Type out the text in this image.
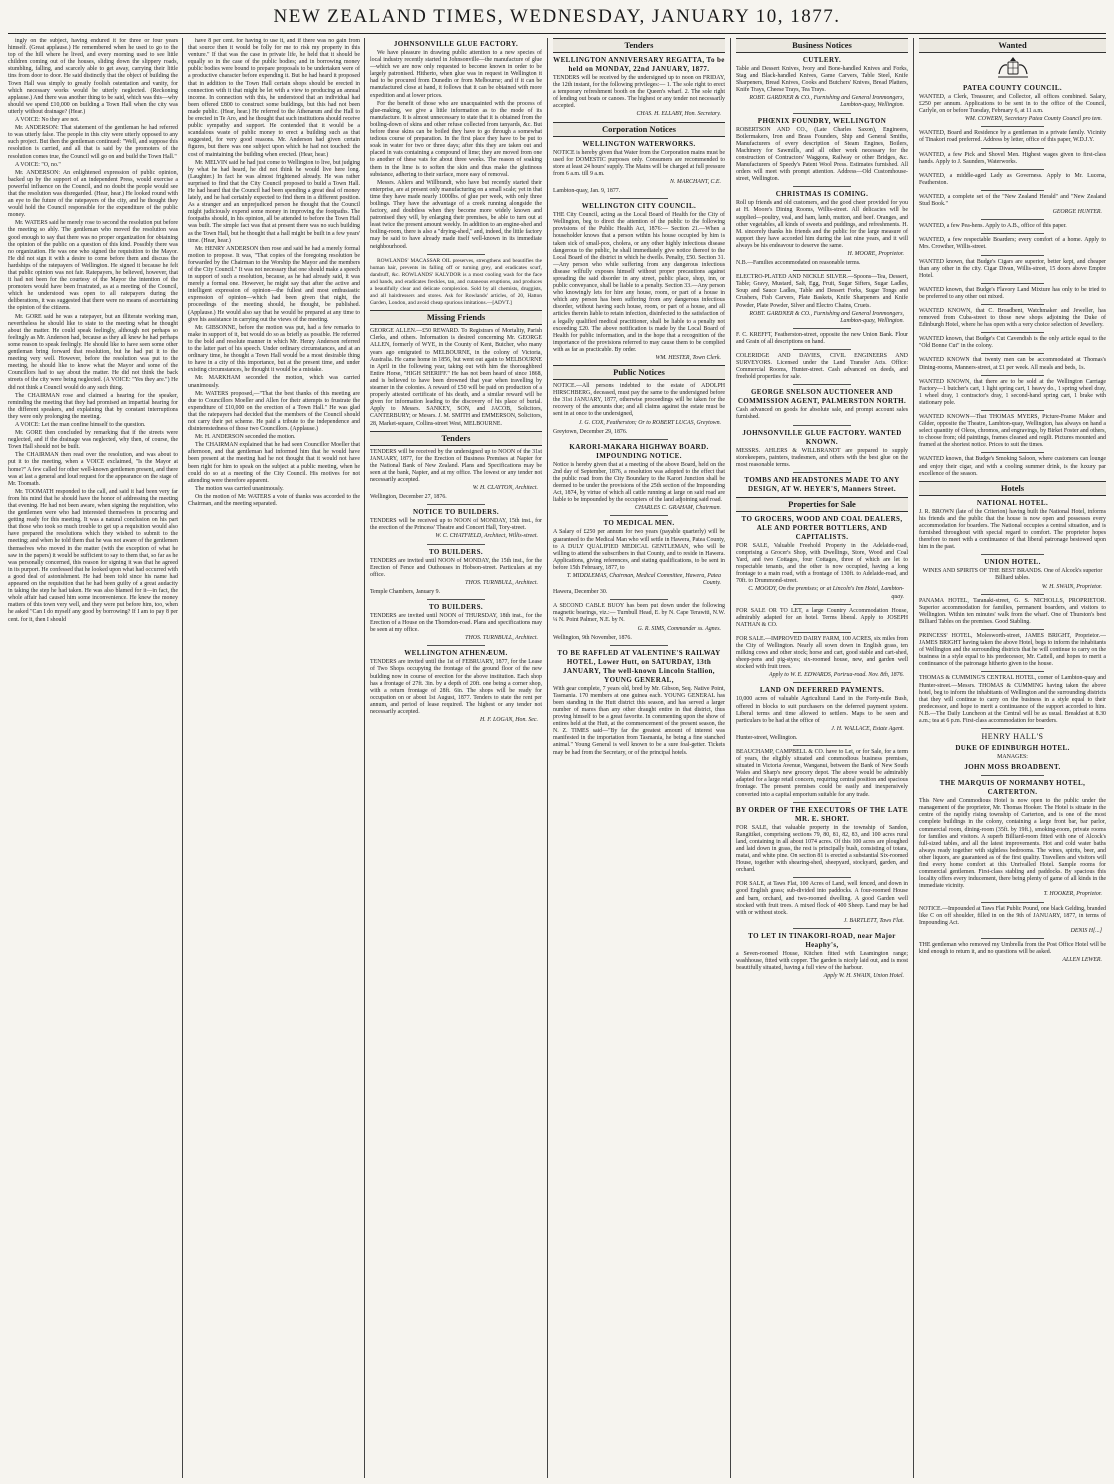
NEW ZEALAND TIMES, WEDNESDAY, JANUARY 10, 1877.

ingly on the subject, having endured it for three or four years himself. (Great applause.) He remembered when he used to go to the top of the hill where he lived, and every morning used to see little children coming out of the houses, sliding down the slippery roads, stumbling, falling, and scarcely able to get away, carrying their little tins from door to door. He said distinctly that the object of building the Town Hall was simply to greatly foolish ostentation and vanity, for which necessary works would be utterly neglected. (Reckoning applause.) And there was another thing to be said, which was this—why should we spend £10,000 on building a Town Hall when the city was utterly without drainage? (Hear.)

A VOICE: No they are not.

Mr. ANDERSON: That statement of the gentleman he had referred to was utterly false. The people in this city were utterly opposed to any such project. But then the gentleman continued: "Well, and suppose this resolution is carried, and all that is said by the promoters of the resolution comes true, the Council will go on and build the Town Hall."

A VOICE: "O, no."

Mr. ANDERSON: An enlightened expression of public opinion, backed up by the support of an independent Press, would exercise a powerful influence on the Council, and no doubt the people would see that the resolution was disregarded. (Hear, hear.) He looked round with an eye to the future of the ratepayers of the city, and he thought they would hold the Council responsible for the expenditure of the public money.

Mr. WATERS said he merely rose to second the resolution put before the meeting so ably. The gentleman who moved the resolution was good enough to say that there was no proper organization for obtaining the opinion of the public on a question of this kind. Possibly there was no organization. He was one who signed the requisition to the Mayor. He did not sign it with a desire to come before them and discuss the hardships of the ratepayers of Wellington. He signed it because he felt that public opinion was not fair. Ratepayers, he believed, however, that it had not been for the courtesy of the Mayor the intention of the promoters would have been frustrated, as at a meeting of the Council, which he understood was open to all ratepayers during the deliberations, it was suggested that there were no means of ascertaining the opinion of the citizens.

Mr. GORE said he was a ratepayer, but an illiterate working man, nevertheless he should like to state to the meeting what he thought about the matter. He could speak feelingly, although not perhaps so feelingly as Mr. Anderson had, because as they all knew he had perhaps some reason to speak feelingly. He should like to have seen some other gentleman bring forward that resolution, but he had put it to the meeting very well. However, before the resolution was put to the meeting, he should like to know what the Mayor and some of the Councillors had to say about the matter. He did not think the back streets of the city were being neglected. (A VOICE: "Yes they are.") He did not think a Council would do any such thing.

The CHAIRMAN rose and claimed a hearing for the speaker, reminding the meeting that they had promised an impartial hearing for the different speakers, and explaining that by constant interruptions they were only prolonging the meeting.

A VOICE: Let the man confine himself to the question.

Mr. GORE then concluded by remarking that if the streets were neglected, and if the drainage was neglected, why then, of course, the Town Hall should not be built.

The CHAIRMAN then read over the resolution, and was about to put it to the meeting, when a VOICE exclaimed, "Is the Mayor at home?" A few called for other well-known gentlemen present, and there was at last a general and loud request for the appearance on the stage of Mr. Toomath.

Mr. TOOMATH responded to the call, and said it had been very far from his mind that he should have the honor of addressing the meeting that evening. He had not been aware, when signing the requisition, who the gentlemen were who had interested themselves in procuring and getting ready for this meeting. It was a natural conclusion on his part that those who took so much trouble to get up a requisition would also have prepared the resolutions which they wished to submit to the meeting; and when he told them that he was not aware of the gentlemen themselves who moved in the matter (with the exception of what he saw in the papers) it would be sufficient to say to them that, so far as he was personally concerned, this reason for signing it was that he agreed in its purport. He confessed that he looked upon what had occurred with a good deal of astonishment. He had been told since his name had appeared on the requisition that he had been guilty of a great audacity in taking the step he had taken. He was also blamed for it—in fact, the whole affair had caused him some inconvenience. He knew the money matters of this town very well, and they were put before him, too, when he asked "Can I do myself any good by borrowing? If I am to pay 8 per cent. for it, then I should

have 8 per cent. for having to use it, and if there was no gain from that source then it would be folly for me to risk my property in this venture." If that was the case in private life, he held that it should be equally so in the case of the public bodies; and in borrowing money public bodies were bound to prepare proposals to be undertaken were of a productive character before expending it. But he had heard it proposed that in addition to the Town Hall certain shops should be erected in connection with it that might be let with a view to producing an annual income. In connection with this, he understood that an individual had been offered £800 to construct some buildings, but this had not been made public. (Hear, hear.) He referred to the Athenæum and the Hall to be erected in Te Aro, and he thought that such institutions should receive public sympathy and support. He contended that it would be a scandalous waste of public money to erect a building such as that suggested, for very good reasons. Mr. Anderson had given certain figures, but there was one subject upon which he had not touched: the cost of maintaining the building when erected. (Hear, hear.)

Mr. MELVIN said he had just come to Wellington to live, but judging by what he had heard, he did not think he would live here long. (Laughter.) In fact he was almost frightened already. He was rather surprised to find that the City Council proposed to build a Town Hall. He had heard that the Council had been spending a great deal of money lately, and he had certainly expected to find them in a different position. As a stranger and an unprejudiced person he thought that the Council might judiciously expend some money in improving the footpaths. The footpaths should, in his opinion, all be attended to before the Town Hall was built. The simple fact was that at present there was no such building as the Town Hall, but he thought that a hall might be built in a few years' time. (Hear, hear.)

Mr. HENRY ANDERSON then rose and said he had a merely formal motion to propose. It was, "That copies of the foregoing resolution be forwarded by the Chairman to the Worship the Mayor and the members of the City Council." It was not necessary that one should make a speech in support of such a resolution, because, as he had already said, it was merely a formal one. However, he might say that after the active and intelligent expression of opinion—the fullest and most enthusiastic expression of opinion—which had been given that night, the proceedings of the meeting should, he thought, be published. (Applause.) He would also say that he would be prepared at any time to give his assistance in carrying out the views of the meeting.

Mr. GIBSONNE, before the motion was put, had a few remarks to make in support of it, but would do so as briefly as possible. He referred to the bold and resolute manner in which Mr. Henry Anderson referred to the latter part of his speech. Under ordinary circumstances, and at an ordinary time, he thought a Town Hall would be a most desirable thing to have in a city of this importance, but at the present time, and under existing circumstances, he thought it would be a mistake.

Mr. MARKHAM seconded the motion, which was carried unanimously.

Mr. WATERS proposed,—"That the best thanks of this meeting are due to Councillors Moeller and Allen for their attempts to frustrate the expenditure of £10,000 on the erection of a Town Hall." He was glad that the ratepayers had decided that the members of the Council should not carry their pet scheme. He paid a tribute to the independence and disinterestedness of those two Councillors. (Applause.)

Mr. H. ANDERSON seconded the motion.

The CHAIRMAN explained that he had seen Councillor Moeller that afternoon, and that gentleman had informed him that he would have been present at the meeting had he not thought that it would not have been right for him to speak on the subject at a public meeting, when he could do so at a meeting of the City Council. His motives for not attending were therefore apparent.

The motion was carried unanimously.

On the motion of Mr. WATERS a vote of thanks was accorded to the Chairman, and the meeting separated.

JOHNSONVILLE GLUE FACTORY.

We have pleasure in drawing public attention to a new species of local industry recently started in Johnsonville—the manufacture of glue—which we are now only requested to become known in order to be largely patronised. Hitherto, when glue was in request in Wellington it had to be procured from Dunedin or from Melbourne; and if it can be manufactured close at hand, it follows that it can be obtained with more expedition and at lower prices.

For the benefit of those who are unacquainted with the process of glue-making, we give a little information as to the mode of its manufacture. It is almost unnecessary to state that it is obtained from the boiling-down of skins and other refuse collected from tanyards, &c. But before these skins can be boiled they have to go through a somewhat tedious course of preparation. In the first place they have to be put to soak in water for two or three days; after this they are taken out and placed in vats containing a compound of lime; they are moved from one to another of these vats for about three weeks. The reason of soaking them in the lime is to soften the skin and thus make the glutinous substance, adhering to their surface, more easy of removal.

Messrs. Ahlers and Willbrandt, who have but recently started their enterprise, are at present only manufacturing on a small scale; yet in that time they have made nearly 1000lbs. of glue per week, with only three boilings. They have the advantage of a creek running alongside the factory, and doubtless when they become more widely known and patronised they will, by enlarging their premises, be able to turn out at least twice the present amount weekly. In addition to an engine-shed and boiling-room, there is also a "drying-shed," and, indeed, the little factory may be said to have already made itself well-known in its immediate neighbourhood.

ROWLANDS' MACASSAR OIL preserves, strengthens and beautifies the human hair, prevents its falling off or turning grey, and eradicates scurf, dandruff, &c. ROWLANDS' KALYDOR is a most cooling wash for the face and hands, and eradicates freckles, tan, and cutaneous eruptions, and produces a beautifully clear and delicate complexion. Sold by all chemists, druggists, and all hairdressers and stores. Ask for Rowlands' articles, of 20, Hatton Garden, London, and avoid cheap spurious imitations.—[ADVT.]

Missing Friends

GEORGE ALLEN.—£50 REWARD. To Registrars of Mortality, Parish Clerks, and others. Information is desired concerning Mr. GEORGE ALLEN, formerly of WYE, in the County of Kent, Butcher, who many years ago emigrated to MELBOURNE, in the colony of Victoria, Australia. He came home in 1856, but went out again to MELBOURNE in April in the following year, taking out with him the thoroughbred Entire Horse, "HIGH SHERIFF." He has not been heard of since 1868, and is believed to have been drowned that year when travelling by steamer in the colonies. A reward of £50 will be paid on production of a properly attested certificate of his death, and a similar reward will be given for information leading to the discovery of his place of burial. Apply to Messrs. SANKEY, SON, and JACOB, Solicitors, CANTERBURY; or Messrs. J. M. SMITH and EMMERSON, Solicitors, 28, Market-square, Collins-street West, MELBOURNE.

Tenders

TENDERS will be received by the undersigned up to NOON of the 31st JANUARY, 1877, for the Erection of Business Premises at Napier for the National Bank of New Zealand. Plans and Specifications may be seen at the bank, Napier, and at my office. The lowest or any tender not necessarily accepted.

W. H. CLAYTON, Architect.
Wellington, December 27, 1876.
NOTICE TO BUILDERS.

TENDERS will be received up to NOON of MONDAY, 15th inst., for the erection of the Princess' Theatre and Concert Hall, Tory-street.

W. C. CHATFIELD, Architect, Willis-street.
TO BUILDERS.

TENDERS are invited until NOON of MONDAY, the 15th inst., for the Erection of Fence and Outhouses in Hobson-street. Particulars at my office.

THOS. TURNBULL, Architect.
Temple Chambers, January 9.
TO BUILDERS.

TENDERS are invited until NOON of THURSDAY, 18th inst., for the Erection of a House on the Thorndon-road. Plans and specifications may be seen at my office.

THOS. TURNBULL, Architect.
WELLINGTON ATHENÆUM.

TENDERS are invited until the 1st of FEBRUARY, 1877, for the Lease of Two Shops occupying the frontage of the ground floor of the new building now in course of erection for the above institution. Each shop has a frontage of 27ft. 3in. by a depth of 20ft. one being a corner shop, with a return frontage of 28ft. 6in. The shops will be ready for occupation on or about 1st August, 1877. Tenders to state the rent per annum, and period of lease required. The highest or any tender not necessarily accepted.

H. F. LOGAN, Hon. Sec.
Tenders
WELLINGTON ANNIVERSARY REGATTA, To be held on MONDAY, 22nd JANUARY, 1877.

TENDERS will be received by the undersigned up to noon on FRIDAY, the 12th instant, for the following privileges:— 1. The sole right to erect a temporary refreshment booth on the Queen's wharf. 2. The sole right of lending out boats or canoes. The highest or any tender not necessarily accepted.

CHAS. H. ELLABY, Hon. Secretary.
Corporation Notices
WELLINGTON WATERWORKS.

NOTICE is hereby given that Water from the Corporation mains must be used for DOMESTIC purposes only. Consumers are recommended to store at least 24 hours' supply. The Mains will be charged at full pressure from 6 a.m. till 9 a.m.

N. MARCHANT, C.E.
Lambton-quay, Jan. 9, 1877.
WELLINGTON CITY COUNCIL.

THE City Council, acting as the Local Board of Health for the City of Wellington, beg to direct the attention of the public to the following provisions of the Public Health Act, 1876:— Section 21.—When a householder knows that a person within his house occupied by him is taken sick of small-pox, cholera, or any other highly infectious disease dangerous to the public, he shall immediately give notice thereof to the Local Board of the district in which he dwells. Penalty, £50. Section 31.—Any person who while suffering from any dangerous infectious disease wilfully exposes himself without proper precautions against spreading the said disorder in any street, public place, shop, inn, or public conveyance, shall be liable to a penalty. Section 33.—Any person who knowingly lets for hire any house, room, or part of a house in which any person has been suffering from any dangerous infectious disorder, without having such house, room, or part of a house, and all articles therein liable to retain infection, disinfected to the satisfaction of a legally qualified medical practitioner, shall be liable to a penalty not exceeding £20. The above notification is made by the Local Board of Health for public information, and in the hope that a recognition of the importance of the provisions referred to may cause them to be complied with as far as practicable. By order.

WM. HESTER, Town Clerk.
Public Notices

NOTICE.—All persons indebted to the estate of ADOLPH HIRSCHBERG, deceased, must pay the same to the undersigned before the 31st JANUARY, 1877, otherwise proceedings will be taken for the recovery of the amounts due; and all claims against the estate must be sent in at once to the undersigned,

J. G. COX, Featherston; Or to ROBERT LUCAS, Greytown.
Greytown, December 29, 1876.
KARORI-MAKARA HIGHWAY BOARD. IMPOUNDING NOTICE.

Notice is hereby given that at a meeting of the above Board, held on the 2nd day of September, 1876, a resolution was adopted to the effect that the public road from the City Boundary to the Karori Junction shall be deemed to be under the provisions of the 25th section of the Impounding Act, 1874, by virtue of which all cattle running at large on said road are liable to be impounded by the occupiers of the land adjoining said road.

CHARLES C. GRAHAM, Chairman.
TO MEDICAL MEN.

A Salary of £250 per annum for two years (payable quarterly) will be guaranteed to the Medical Man who will settle in Hawera, Patea County, to A DULY QUALIFIED MEDICAL GENTLEMAN, who will be willing to attend the subscribers in that County, and to reside in Hawera. Applications, giving references, and stating qualifications, to be sent in before 15th February, 1877, to

T. MIDDLEMAS, Chairman, Medical Committee, Hawera, Patea County.
Hawera, December 30.

A SECOND CABLE BUOY has been put down under the following magnetic bearings, viz.:— Turnbull Head, E. by N. Cape Terawiti, N.W. ¼ N. Point Palmer, N.E. by N.

G. R. SIMS, Commander ss. Agnes.
Wellington, 9th November, 1876.
TO BE RAFFLED AT VALENTINE'S RAILWAY HOTEL, Lower Hutt, on SATURDAY, 13th JANUARY, The well-known Lincoln Stallion, YOUNG GENERAL,

With gear complete, 7 years old, bred by Mr. Gibson, Seq. Native Point, Tasmania. 170 members at one guinea each. YOUNG GENERAL has been standing in the Hutt district this season, and has served a larger number of mares than any other draught entire in that district, thus proving himself to be a great favorite. In commenting upon the show of entires held at the Hutt, at the commencement of the present season, the N. Z. TIMES said—"By far the greatest amount of interest was manifested in the importation from Tasmania, he being a fine stanched animal." Young General is well known to be a sure foal-getter. Tickets may be had from the Secretary, or of the principal hotels.

Business Notices
CUTLERY.

Table and Dessert Knives, Ivory and Bone-handled Knives and Forks, Stag and Black-handled Knives, Game Carvers, Table Steel, Knife Sharpeners, Bread Knives, Cooks and Butchers' Knives, Bread Platters, Knife Trays, Cheese Trays, Tea Trays.

ROBT. GARDNER & CO., Furnishing and General Ironmongers, Lambton-quay, Wellington.
PHŒNIX FOUNDRY, WELLINGTON

ROBERTSON AND CO., (Late Charles Saxon), Engineers, Boilermakers, Iron and Brass Founders, Ship and General Smiths, Manufacturers of every description of Steam Engines, Boilers, Machinery for Sawmills, and all other work necessary for the construction of Contractors' Waggons, Railway or other Bridges, &c. Manufacturers of Speedy's Patent Wool Press. Estimates furnished. All orders will meet with prompt attention. Address—Old Customhouse-street, Wellington.

CHRISTMAS IS COMING.

Roll up friends and old customers, and the good cheer provided for you at H. Moore's Dining Rooms, Willis-street. All delicacies will be supplied—poultry, veal, and ham, lamb, mutton, and beef. Oranges, and other vegetables, all kinds of sweets and puddings, and refreshments. H. M. sincerely thanks his friends and the public for the large measure of support they have accorded him during the last nine years, and it will always be his endeavour to deserve the same.

H. MOORE, Proprietor.
N.B.—Families accommodated on reasonable terms.

ELECTRO-PLATED AND NICKLE SILVER.—Spoons—Tea, Dessert, Table; Gravy, Mustard, Salt, Egg, Fruit, Sugar Sifters, Sugar Ladles, Soup and Sauce Ladles, Table and Dessert Forks, Sugar Tongs and Crushers, Fish Carvers, Plate Baskets, Knife Sharpeners and Knife Powder, Plate Powder, Silver and Electro Chains, Cruets.

ROBT. GARDNER & CO., Furnishing and General Ironmongers, Lambton-quay, Wellington.

F. C. KREFFT, Featherston-street, opposite the new Union Bank. Flour and Grain of all descriptions on hand.

COLERIDGE AND DAVIES, CIVIL ENGINEERS AND SURVEYORS. Licensed under the Land Transfer Acts. Office: Commercial Rooms, Hunter-street. Cash advanced on deeds, and freehold properties for sale.

GEORGE SNELSON AUCTIONEER AND COMMISSION AGENT, PALMERSTON NORTH.

Cash advanced on goods for absolute sale, and prompt account sales furnished.

JOHNSONVILLE GLUE FACTORY. WANTED KNOWN.

MESSRS. AHLERS & WILLBRANDT are prepared to supply storekeepers, painters, tradesmen, and others with the best glue on the most reasonable terms.

TOMBS AND HEADSTONES MADE TO ANY DESIGN, AT W. HEYER'S, Manners Street.
Properties for Sale
TO GROCERS, WOOD AND COAL DEALERS, ALE AND PORTER BOTTLERS, AND CAPITALISTS.

FOR SALE, Valuable Freehold Property in the Adelaide-road, comprising a Grocer's Shop, with Dwellings, Store, Wood and Coal Yard, and two Cottages, four Cottages, three of which are let to respectable tenants, and the other is now occupied, having a long frontage to a main road, with a frontage of 130ft. to Adelaide-road, and 70ft. to Drummond-street.

C. MOODY, On the premises; or at Lincoln's Inn Hotel, Lambton-quay.

FOR SALE OR TO LET, a large Country Accommodation House, admirably adapted for an hotel. Terms liberal. Apply to JOSEPH NATHAN & CO.

FOR SALE.—IMPROVED DAIRY FARM, 100 ACRES, six miles from the City of Wellington. Nearly all sown down in English grass, ten milking cows and other stock; horse and cart, good stable and cart-shed, sheep-pens and pig-styes; six-roomed house, new, and garden well stocked with fruit trees.

Apply to W. E. EDWARDS, Porirua-road. Nov. 8th, 1876.
LAND ON DEFERRED PAYMENTS.

10,000 acres of valuable Agricultural Land in the Forty-mile Bush, offered in blocks to suit purchasers on the deferred payment system. Liberal terms and time allowed to settlers. Maps to be seen and particulars to be had at the office of

J. H. WALLACE, Estate Agent.
Hunter-street, Wellington.

BEAUCHAMP, CAMPBELL & CO. have to Let, or for Sale, for a term of years, the eligibly situated and commodious business premises, situated in Victoria Avenue, Wanganui, between the Bank of New South Wales and Sharp's new grocery depot. The above would be admirably adapted for a large retail concern, requiring central position and spacious frontage. The present premises could be easily and inexpensively converted into a capital emporium suitable for any trade.

BY ORDER OF THE EXECUTORS OF THE LATE MR. E. SHORT.

FOR SALE, that valuable property in the township of Sandon, Rangitikei, comprising sections 79, 80, 81, 82, 83, and 100 acres rural land, containing in all about 1074 acres. Of this 100 acres are ploughed and laid down in grass, the rest is principally bush, consisting of totara, matai, and white pine. On section 81 is erected a substantial Six-roomed House, together with shearing-shed, sheepyard, stockyard, garden, and orchard.

FOR SALE, at Taws Flat, 100 Acres of Land, well fenced, and down in good English grass; sub-divided into paddocks. A four-roomed House and barn, orchard, and two-roomed dwelling. A good Garden well stocked with fruit trees. A mixed flock of 400 Sheep. Land may be had with or without stock.

J. BARTLETT, Taws Flat.
TO LET IN TINAKORI-ROAD, near Major Heaphy's,

a Seven-roomed House, Kitchen fitted with Leamington range; washhouse, fitted with copper. The garden is nicely laid out, and is most beautifully situated, having a full view of the harbour.

Apply W. H. SWAIN, Union Hotel.
Wanted
PATEA COUNTY COUNCIL.

WANTED, a Clerk, Treasurer, and Collector, all offices combined. Salary, £250 per annum. Applications to be sent in to the office of the Council, Carlyle, on or before Tuesday, February 6, at 11 a.m.

WM. COWERN, Secretary Patea County Council pro tem.

WANTED, Board and Residence by a gentleman in a private family. Vicinity of Tinakori road preferred. Address by letter, office of this paper, W.D.J.Y.

WANTED, a few Pick and Shovel Men. Highest wages given to first-class hands. Apply to J. Saunders, Waterworks.

WANTED, a middle-aged Lady as Governess. Apply to Mr. Lucena, Featherston.

WANTED, a complete set of the "New Zealand Herald" and "New Zealand Stud Book."

GEORGE HUNTER.

WANTED, a few Pea-hens. Apply to A.B., office of this paper.

WANTED, a few respectable Boarders; every comfort of a home. Apply to Mrs. Crowther, Willis-street.

WANTED known, that Budge's Cigars are superior, better kept, and cheaper than any other in the city. Cigar Divan, Willis-street, 15 doors above Empire Hotel.

WANTED known, that Budge's Flavory Land Mixture has only to be tried to be preferred to any other out mixed.

WANTED KNOWN, that C. Broadbent, Watchmaker and Jeweller, has removed from Cuba-street to those new shops adjoining the Duke of Edinburgh Hotel, where he has open with a very choice selection of Jewellery.

WANTED known, that Budge's Cut Cavendish is the only article equal to the "Old Bonne Cut" in the colony.

WANTED KNOWN that twenty men can be accommodated at Thomas's Dining-rooms, Manners-street, at £1 per week. All meals and beds, 1s.

WANTED KNOWN, that there are to be sold at the Wellington Carriage Factory—1 butcher's cart, 1 light spring cart, 1 heavy do., 1 spring wheel dray, 1 wheel dray, 1 contractor's dray, 1 second-hand spring cart, 1 brake with stationary pole.

WANTED KNOWN—That THOMAS MYERS, Picture-Frame Maker and Gilder, opposite the Theatre, Lambton-quay, Wellington, has always on hand a select quantity of Oleos, chromos, and engravings, by Birket Foster and others, to choose from; old paintings, frames cleaned and regilt. Pictures mounted and framed at the shortest notice. Prices to suit the times.

WANTED known, that Budge's Smoking Saloon, where customers can lounge and enjoy their cigar, and with a cooling summer drink, is the luxury par excellence of the season.

Hotels
NATIONAL HOTEL.

J. R. BROWN (late of the Criterion) having built the National Hotel, informs his friends and the public that the house is now open and possesses every accommodation for boarders. The National occupies a central situation, and is furnished throughout with special regard to comfort. The proprietor hopes therefore to meet with a continuance of that liberal patronage bestowed upon him in the past.

UNION HOTEL.

WINES AND SPIRITS OF THE BEST BRANDS. One of Alcock's superior Billiard tables.

W. H. SWAIN, Proprietor.

PANAMA HOTEL, Taranaki-street, G. S. NICHOLLS, PROPRIETOR. Superior accommodation for families, permanent boarders, and visitors to Wellington. Within ten minutes' walk from the wharf. One of Thurston's best Billiard Tables on the premises. Good Stabling.

PRINCESS' HOTEL, Molesworth-street, JAMES BRIGHT, Proprietor.—JAMES BRIGHT having taken the above Hotel, begs to inform the inhabitants of Wellington and the surrounding districts that he will continue to carry on the business in a style equal to his predecessor, Mr. Cattell, and hopes to merit a continuance of the patronage hitherto given to the house.

THOMAS & CUMMING'S CENTRAL HOTEL, corner of Lambton-quay and Hunter-street.—Messrs. THOMAS & CUMMING having taken the above hotel, beg to inform the inhabitants of Wellington and the surrounding districts that they will continue to carry on the business in a style equal to their predecessor, and hope to merit a continuance of the support accorded to him. N.B.—The Daily Luncheon at the Central will be as usual. Breakfast at 8.30 a.m.; tea at 6 p.m. First-class accommodation for boarders.

HENRY HALL'S
DUKE OF EDINBURGH HOTEL.
MANAGES:
JOHN MOSS BROADBENT.
THE MARQUIS OF NORMANBY HOTEL, CARTERTON.

This New and Commodious Hotel is now open to the public under the management of the proprietor, Mr. Thomas Hooker. The Hotel is situate in the centre of the rapidly rising township of Carterton, and is one of the most complete buildings in the colony, containing a large front bar, bar parlor, commercial room, dining-room (35ft. by 19ft.), smoking-room, private rooms for families and visitors. A superb Billiard-room fitted with one of Alcock's full-sized tables, and all the latest improvements. Hot and cold water baths always ready together with sightless bedrooms. The wines, spirits, beer, and other liquors, are guaranteed as of the first quality. Travellers and visitors will find every home comfort at this Unrivalled Hotel. Sample rooms for commercial gentlemen. First-class stabling and paddocks. By spacious this locality offers every inducement, there being plenty of game of all kinds in the immediate vicinity.

T. HOOKER, Proprietor.

NOTICE.—Impounded at Taws Flat Public Pound, one black Gelding, branded like C on off shoulder, filled in on the 9th of JANUARY, 1877, in terms of Impounding Act.

DENIS H[...]

THE gentleman who removed my Umbrella from the Post Office Hotel will be kind enough to return it, and no questions will be asked.

ALLEN LEWER.
